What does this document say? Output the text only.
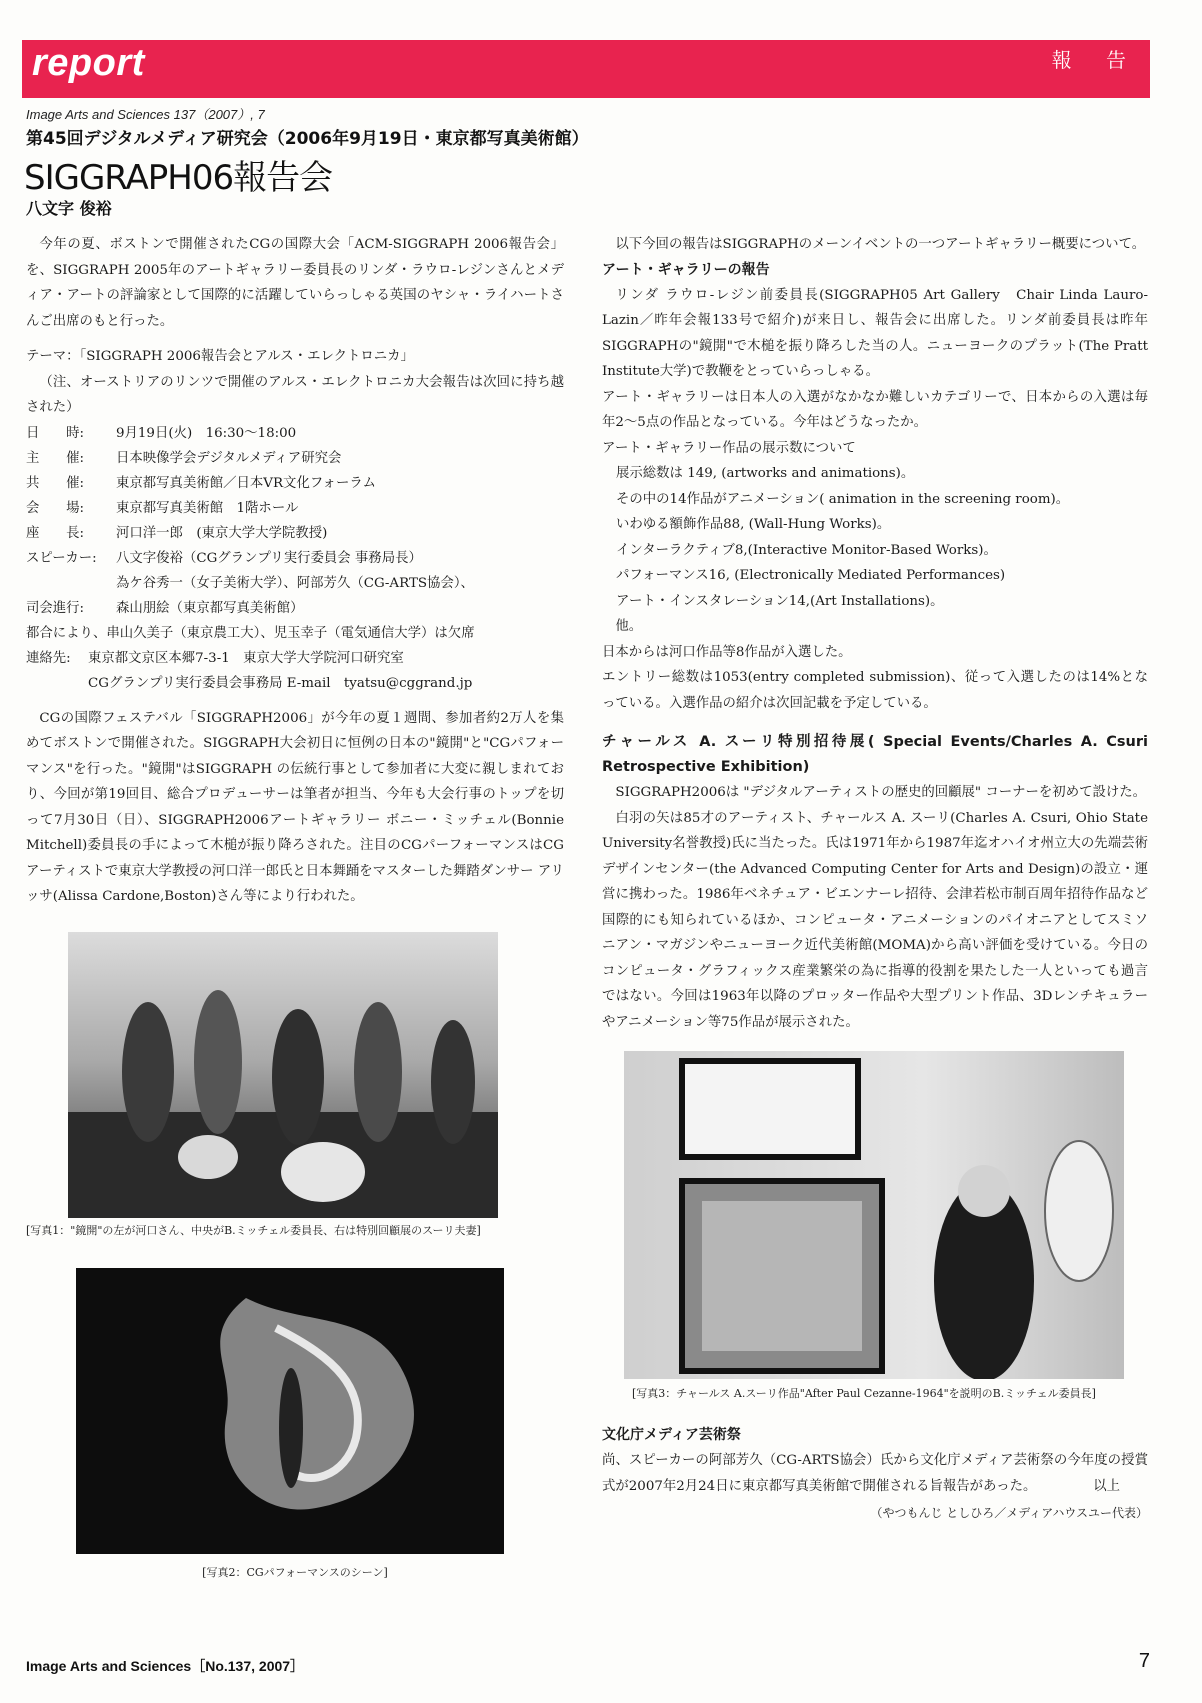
report	報 告
Image Arts and Sciences 137（2007）, 7
第45回デジタルメディア研究会（2006年9月19日・東京都写真美術館）
SIGGRAPH06報告会
八文字 俊裕

今年の夏、ボストンで開催されたCGの国際大会「ACM-SIGGRAPH 2006報告会」を、SIGGRAPH 2005年のアートギャラリー委員長のリンダ・ラウロ-レジンさんとメディア・アートの評論家として国際的に活躍していらっしゃる英国のヤシャ・ライハートさんご出席のもと行った。

テーマ：「SIGGRAPH 2006報告会とアルス・エレクトロニカ」

（注、オーストリアのリンツで開催のアルス・エレクトロニカ大会報告は次回に持ち越された）

日　　時:	9月19日(火)　16:30～18:00
主　　催:	日本映像学会デジタルメディア研究会
共　　催:	東京都写真美術館／日本VR文化フォーラム
会　　場:	東京都写真美術館　1階ホール
座　　長:	河口洋一郎　(東京大学大学院教授)
スピーカー:	八文字俊裕（CGグランプリ実行委員会 事務局長）
為ケ谷秀一（女子美術大学）、阿部芳久（CG-ARTS協会）、
司会進行:	森山朋絵（東京都写真美術館）
都合により、串山久美子（東京農工大）、児玉幸子（電気通信大学）は欠席
連絡先:	東京都文京区本郷7-3-1　東京大学大学院河口研究室
CGグランプリ実行委員会事務局 E-mail　tyatsu@cggrand.jp

CGの国際フェステバル「SIGGRAPH2006」が今年の夏１週間、参加者約2万人を集めてボストンで開催された。SIGGRAPH大会初日に恒例の日本の"鏡開"と"CGパフォーマンス"を行った。"鏡開"はSIGGRAPH の伝統行事として参加者に大変に親しまれており、今回が第19回目、総合プロデューサーは筆者が担当、今年も大会行事のトップを切って7月30日（日）、SIGGRAPH2006アートギャラリー ボニー・ミッチェル(Bonnie Mitchell)委員長の手によって木槌が振り降ろされた。注目のCGパーフォーマンスはCGアーティストで東京大学教授の河口洋一郎氏と日本舞踊をマスターした舞踏ダンサー アリッサ(Alissa Cardone,Boston)さん等により行われた。

[写真1："鏡開"の左が河口さん、中央がB.ミッチェル委員長、右は特別回顧展のスーリ夫妻]
[写真2：CGパフォーマンスのシーン]

以下今回の報告はSIGGRAPHのメーンイベントの一つアートギャラリー概要について。

アート・ギャラリーの報告

リンダ ラウロ-レジン前委員長(SIGGRAPH05 Art Gallery　Chair Linda Lauro-Lazin／昨年会報133号で紹介)が来日し、報告会に出席した。リンダ前委員長は昨年SIGGRAPHの"鏡開"で木槌を振り降ろした当の人。ニューヨークのプラット(The Pratt Institute大学)で教鞭をとっていらっしゃる。

アート・ギャラリーは日本人の入選がなかなか難しいカテゴリーで、日本からの入選は毎年2～5点の作品となっている。今年はどうなったか。

アート・ギャラリー作品の展示数について

展示総数は 149, (artworks and animations)。

その中の14作品がアニメーション( animation in the screening room)。

いわゆる額飾作品88, (Wall-Hung Works)。

インターラクティブ8,(Interactive Monitor-Based Works)。

パフォーマンス16, (Electronically Mediated Performances)

アート・インスタレーション14,(Art Installations)。

他。

日本からは河口作品等8作品が入選した。

エントリー総数は1053(entry completed submission)、従って入選したのは14%となっている。入選作品の紹介は次回記載を予定している。

チャールス A. スーリ特別招待展( Special Events/Charles A. Csuri Retrospective Exhibition)

SIGGRAPH2006は "デジタルアーティストの歴史的回顧展" コーナーを初めて設けた。

白羽の矢は85才のアーティスト、チャールス A. スーリ(Charles A. Csuri, Ohio State University名誉教授)氏に当たった。氏は1971年から1987年迄オハイオ州立大の先端芸術デザインセンター(the Advanced Computing Center for Arts and Design)の設立・運営に携わった。1986年ベネチュア・ビエンナーレ招待、会津若松市制百周年招待作品など国際的にも知られているほか、コンピュータ・アニメーションのパイオニアとしてスミソニアン・マガジンやニューヨーク近代美術館(MOMA)から高い評価を受けている。今日のコンピュータ・グラフィックス産業繁栄の為に指導的役割を果たした一人といっても過言ではない。今回は1963年以降のプロッター作品や大型プリント作品、3Dレンチキュラーやアニメーション等75作品が展示された。

[写真3：チャールス A.スーリ作品"After Paul Cezanne-1964"を説明のB.ミッチェル委員長]

文化庁メディア芸術祭

尚、スピーカーの阿部芳久（CG-ARTS協会）氏から文化庁メディア芸術祭の今年度の授賞式が2007年2月24日に東京都写真美術館で開催される旨報告があった。	以上

（やつもんじ としひろ／メディアハウスユー代表）
Image Arts and Sciences［No.137, 2007］	7
